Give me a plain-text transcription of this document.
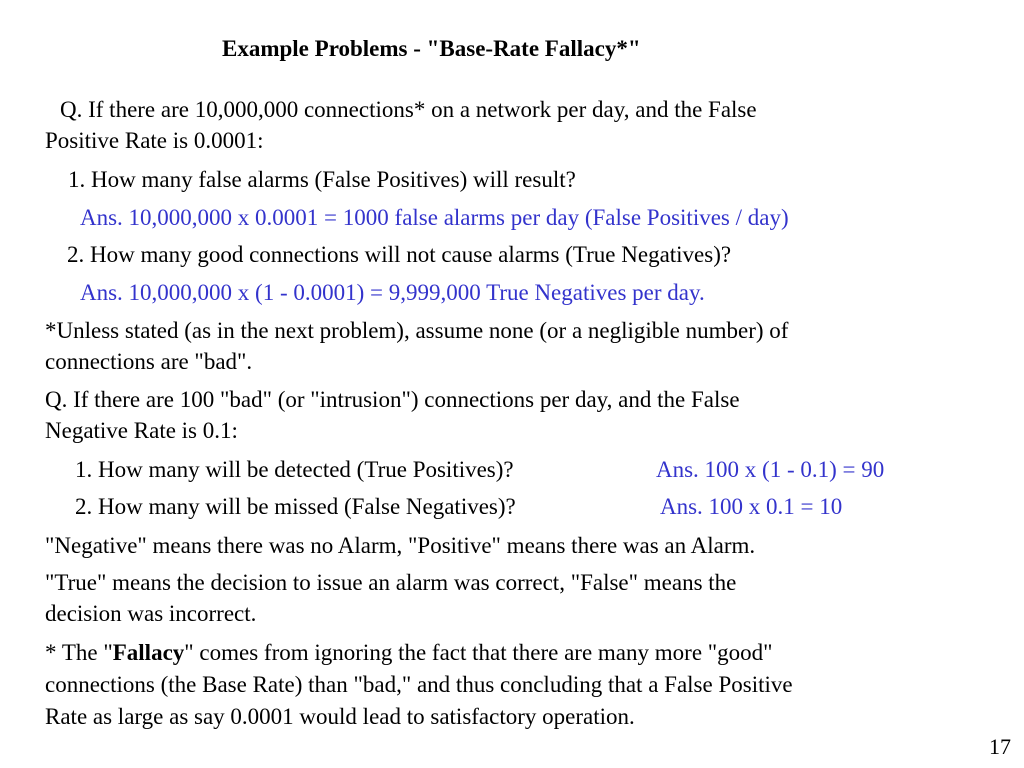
Example Problems - "Base-Rate Fallacy*"
Q. If there are 10,000,000 connections* on a network per day, and the False
Positive Rate is 0.0001:
1. How many false alarms (False Positives) will result?
Ans. 10,000,000 x 0.0001 = 1000 false alarms per day (False Positives / day)
2. How many good connections will not cause alarms (True Negatives)?
Ans. 10,000,000 x (1 - 0.0001) = 9,999,000 True Negatives per day.
*Unless stated (as in the next problem), assume none (or a negligible number) of
connections are "bad".
Q. If there are 100 "bad" (or "intrusion") connections per day, and the False
Negative Rate is 0.1:
1. How many will be detected (True Positives)?	Ans. 100 x (1 - 0.1) = 90
2. How many will be missed (False Negatives)?	Ans. 100 x 0.1 = 10
"Negative" means there was no Alarm, "Positive" means there was an Alarm.
"True" means the decision to issue an alarm was correct, "False" means the
decision was incorrect.
* The "Fallacy" comes from ignoring the fact that there are many more "good"
connections (the Base Rate) than "bad," and thus concluding that a False Positive
Rate as large as say 0.0001 would lead to satisfactory operation.
17
